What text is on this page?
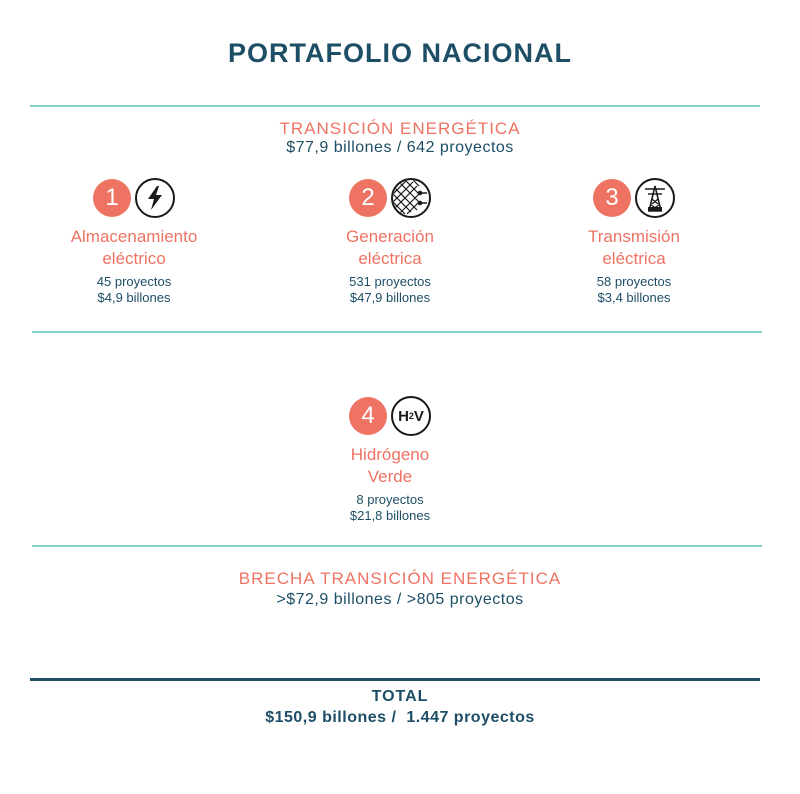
PORTAFOLIO NACIONAL
TRANSICIÓN ENERGÉTICA
$77,9 billones / 642 proyectos
1
Almacenamiento
eléctrico
45 proyectos
$4,9 billones
2
Generación
eléctrica
531 proyectos
$47,9 billones
3
Transmisión
eléctrica
58 proyectos
$3,4 billones
4	H 2 V
Hidrógeno
Verde
8 proyectos
$21,8 billones
BRECHA TRANSICIÓN ENERGÉTICA
>$72,9 billones / >805 proyectos
TOTAL
$150,9 billones /  1.447 proyectos
